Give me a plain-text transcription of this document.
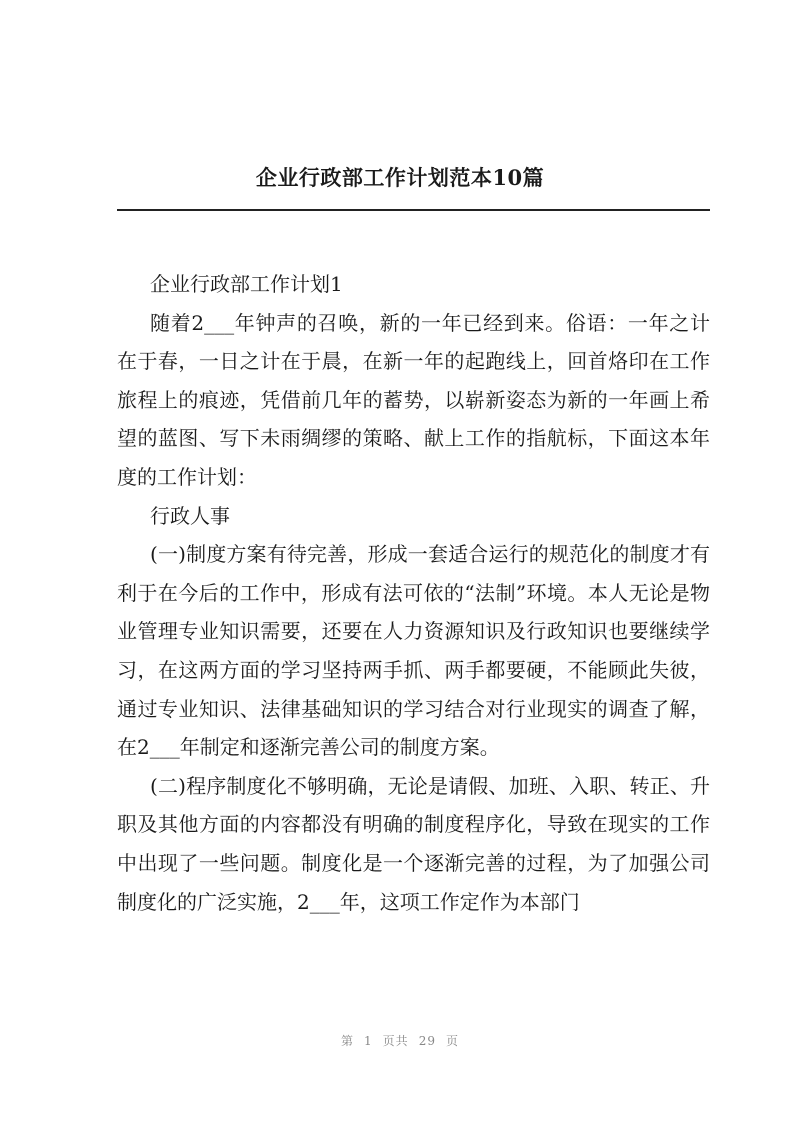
企业行政部工作计划范本10篇

企业行政部工作计划1

随着2___年钟声的召唤，新的一年已经到来。俗语：一年之计在于春，一日之计在于晨，在新一年的起跑线上，回首烙印在工作旅程上的痕迹，凭借前几年的蓄势，以崭新姿态为新的一年画上希望的蓝图、写下未雨绸缪的策略、献上工作的指航标，下面这本年度的工作计划：

行政人事

(一)制度方案有待完善，形成一套适合运行的规范化的制度才有利于在今后的工作中，形成有法可依的“法制”环境。本人无论是物业管理专业知识需要，还要在人力资源知识及行政知识也要继续学习，在这两方面的学习坚持两手抓、两手都要硬，不能顾此失彼，通过专业知识、法律基础知识的学习结合对行业现实的调查了解，在2___年制定和逐渐完善公司的制度方案。

(二)程序制度化不够明确，无论是请假、加班、入职、转正、升职及其他方面的内容都没有明确的制度程序化，导致在现实的工作中出现了一些问题。制度化是一个逐渐完善的过程，为了加强公司制度化的广泛实施，2___年，这项工作定作为本部门

第 1 页共 29 页
